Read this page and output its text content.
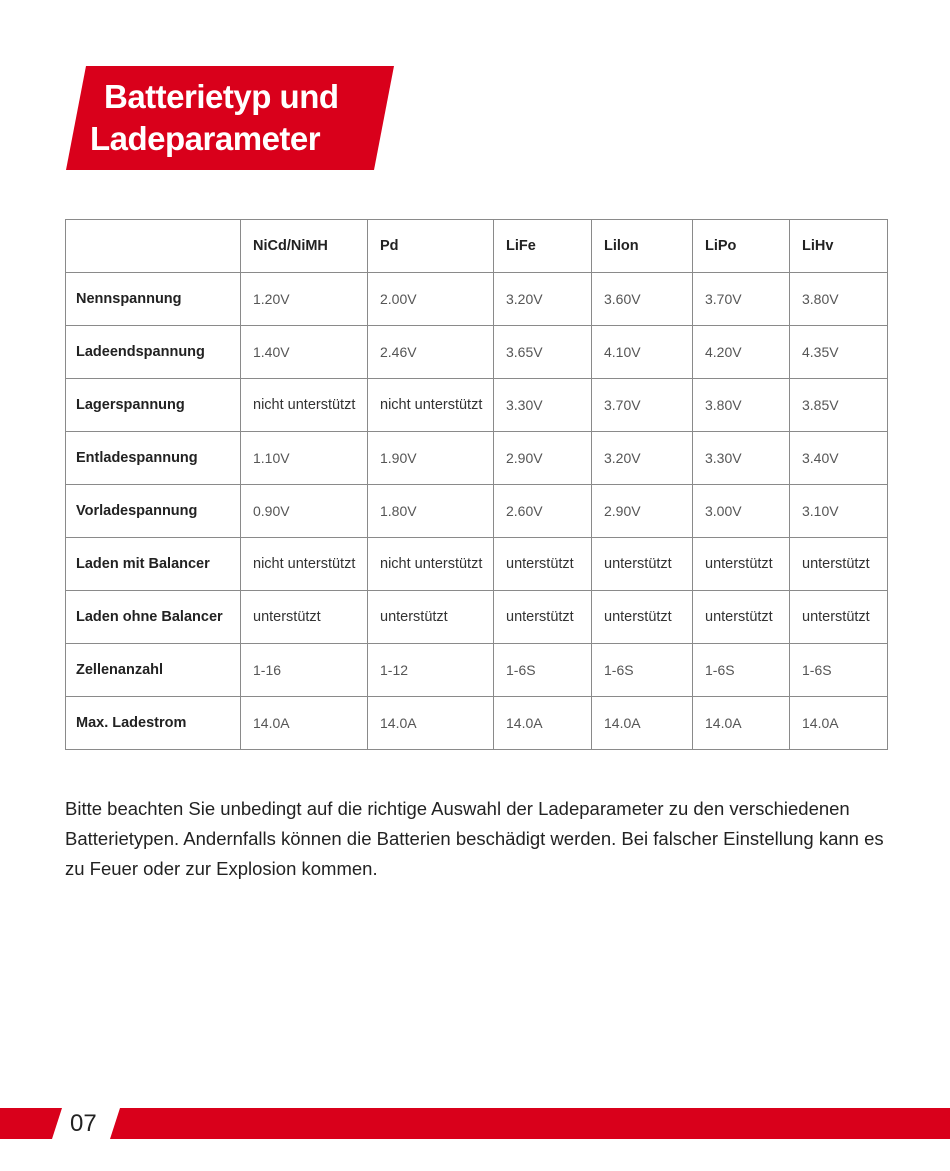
Batterietyp und
Ladeparameter
	NiCd/NiMH	Pd	LiFe	Lilon	LiPo	LiHv
Nennspannung	1.20V	2.00V	3.20V	3.60V	3.70V	3.80V
Ladeendspannung	1.40V	2.46V	3.65V	4.10V	4.20V	4.35V
Lagerspannung	nicht unterstützt	nicht unterstützt	3.30V	3.70V	3.80V	3.85V
Entladespannung	1.10V	1.90V	2.90V	3.20V	3.30V	3.40V
Vorladespannung	0.90V	1.80V	2.60V	2.90V	3.00V	3.10V
Laden mit Balancer	nicht unterstützt	nicht unterstützt	unterstützt	unterstützt	unterstützt	unterstützt
Laden ohne Balancer	unterstützt	unterstützt	unterstützt	unterstützt	unterstützt	unterstützt
Zellenanzahl	1-16	1-12	1-6S	1-6S	1-6S	1-6S
Max. Ladestrom	14.0A	14.0A	14.0A	14.0A	14.0A	14.0A

Bitte beachten Sie unbedingt auf die richtige Auswahl der Ladeparameter zu den verschiedenen Batterietypen. Andernfalls können die Batterien beschädigt werden. Bei falscher Einstellung kann es zu Feuer oder zur Explosion kommen.

07
